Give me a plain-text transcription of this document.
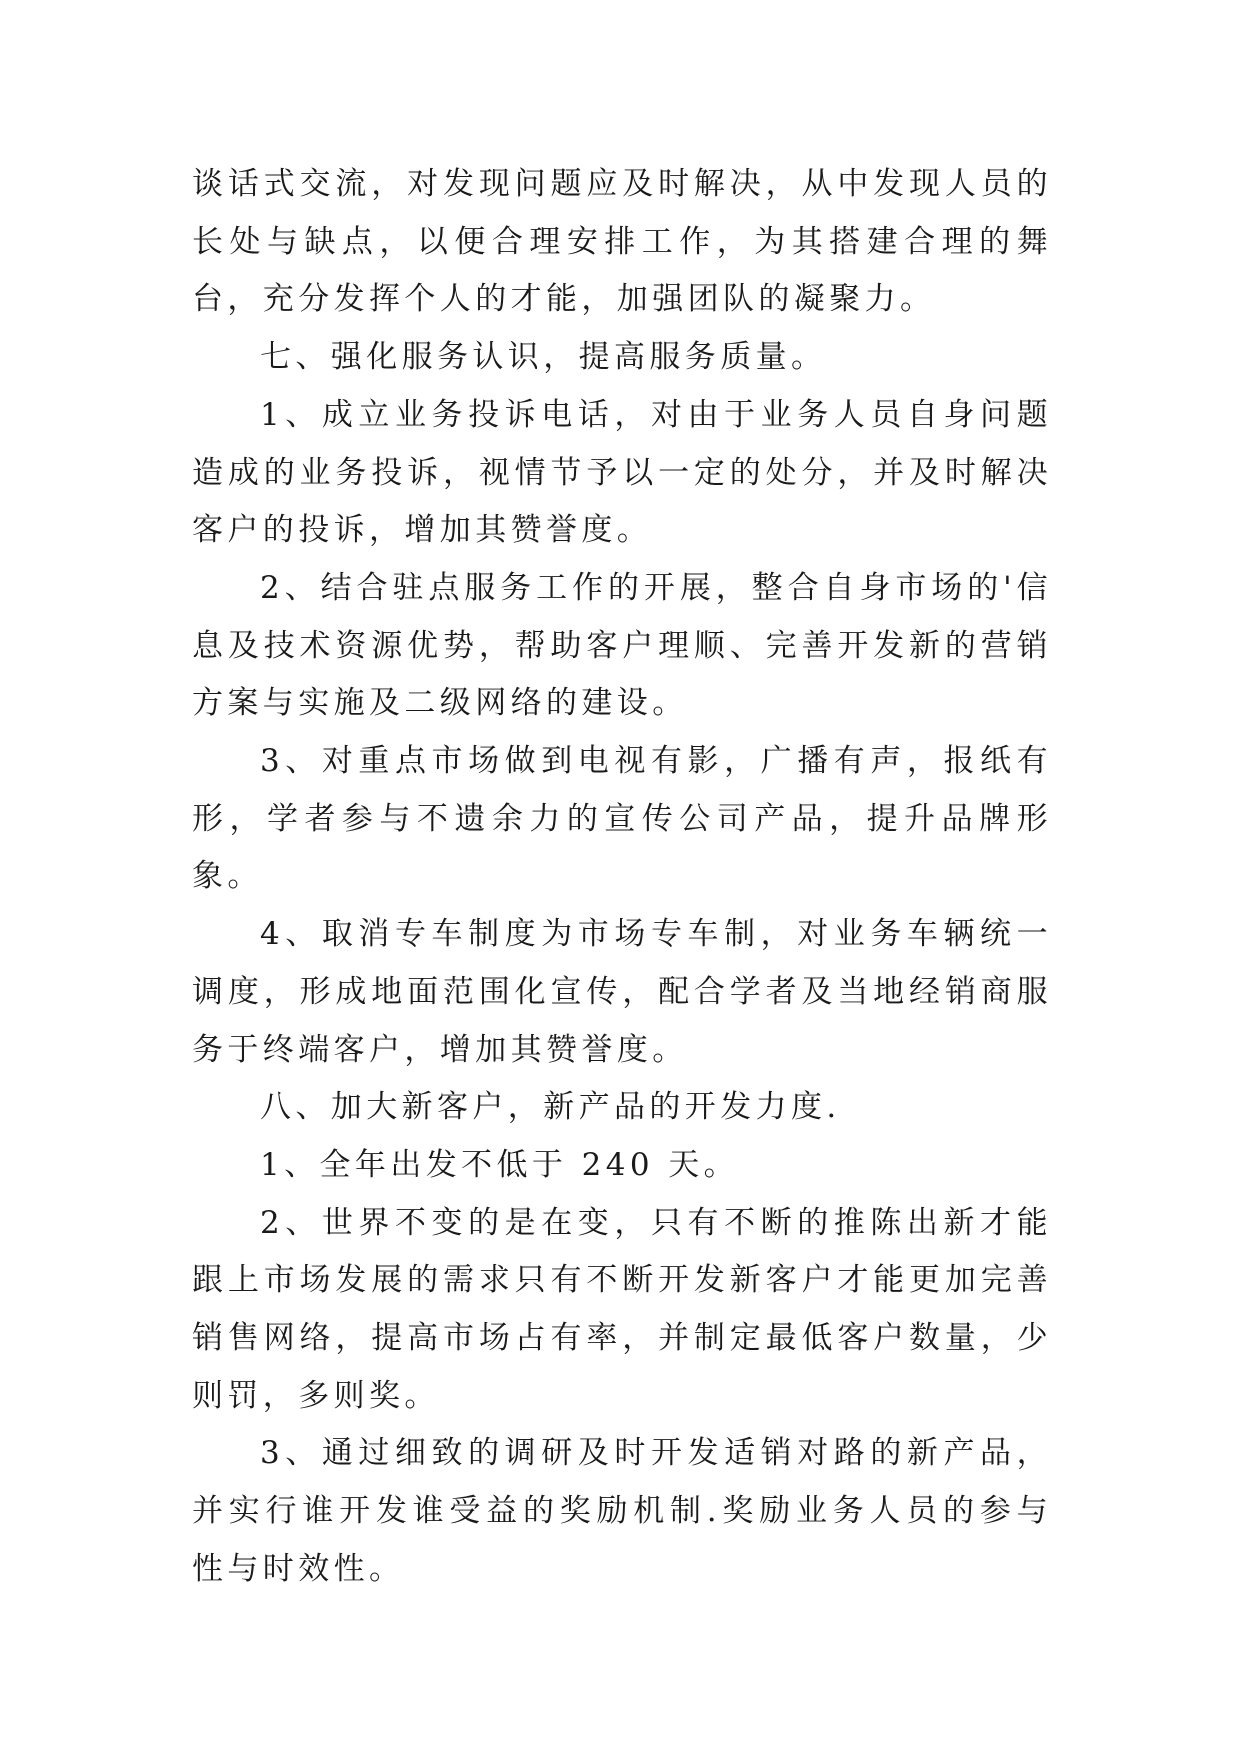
谈话式交流，对发现问题应及时解决，从中发现人员的长处与缺点，以便合理安排工作，为其搭建合理的舞台，充分发挥个人的才能，加强团队的凝聚力。

七、强化服务认识，提高服务质量。

1、成立业务投诉电话，对由于业务人员自身问题造成的业务投诉，视情节予以一定的处分，并及时解决客户的投诉，增加其赞誉度。

2、结合驻点服务工作的开展，整合自身市场的'信息及技术资源优势，帮助客户理顺、完善开发新的营销方案与实施及二级网络的建设。

3、对重点市场做到电视有影，广播有声，报纸有形，学者参与不遗余力的宣传公司产品，提升品牌形象。

4、取消专车制度为市场专车制，对业务车辆统一调度，形成地面范围化宣传，配合学者及当地经销商服务于终端客户，增加其赞誉度。

八、加大新客户，新产品的开发力度.

1、全年出发不低于 240 天。

2、世界不变的是在变，只有不断的推陈出新才能跟上市场发展的需求只有不断开发新客户才能更加完善销售网络，提高市场占有率，并制定最低客户数量，少则罚，多则奖。

3、通过细致的调研及时开发适销对路的新产品，并实行谁开发谁受益的奖励机制.奖励业务人员的参与性与时效性。
